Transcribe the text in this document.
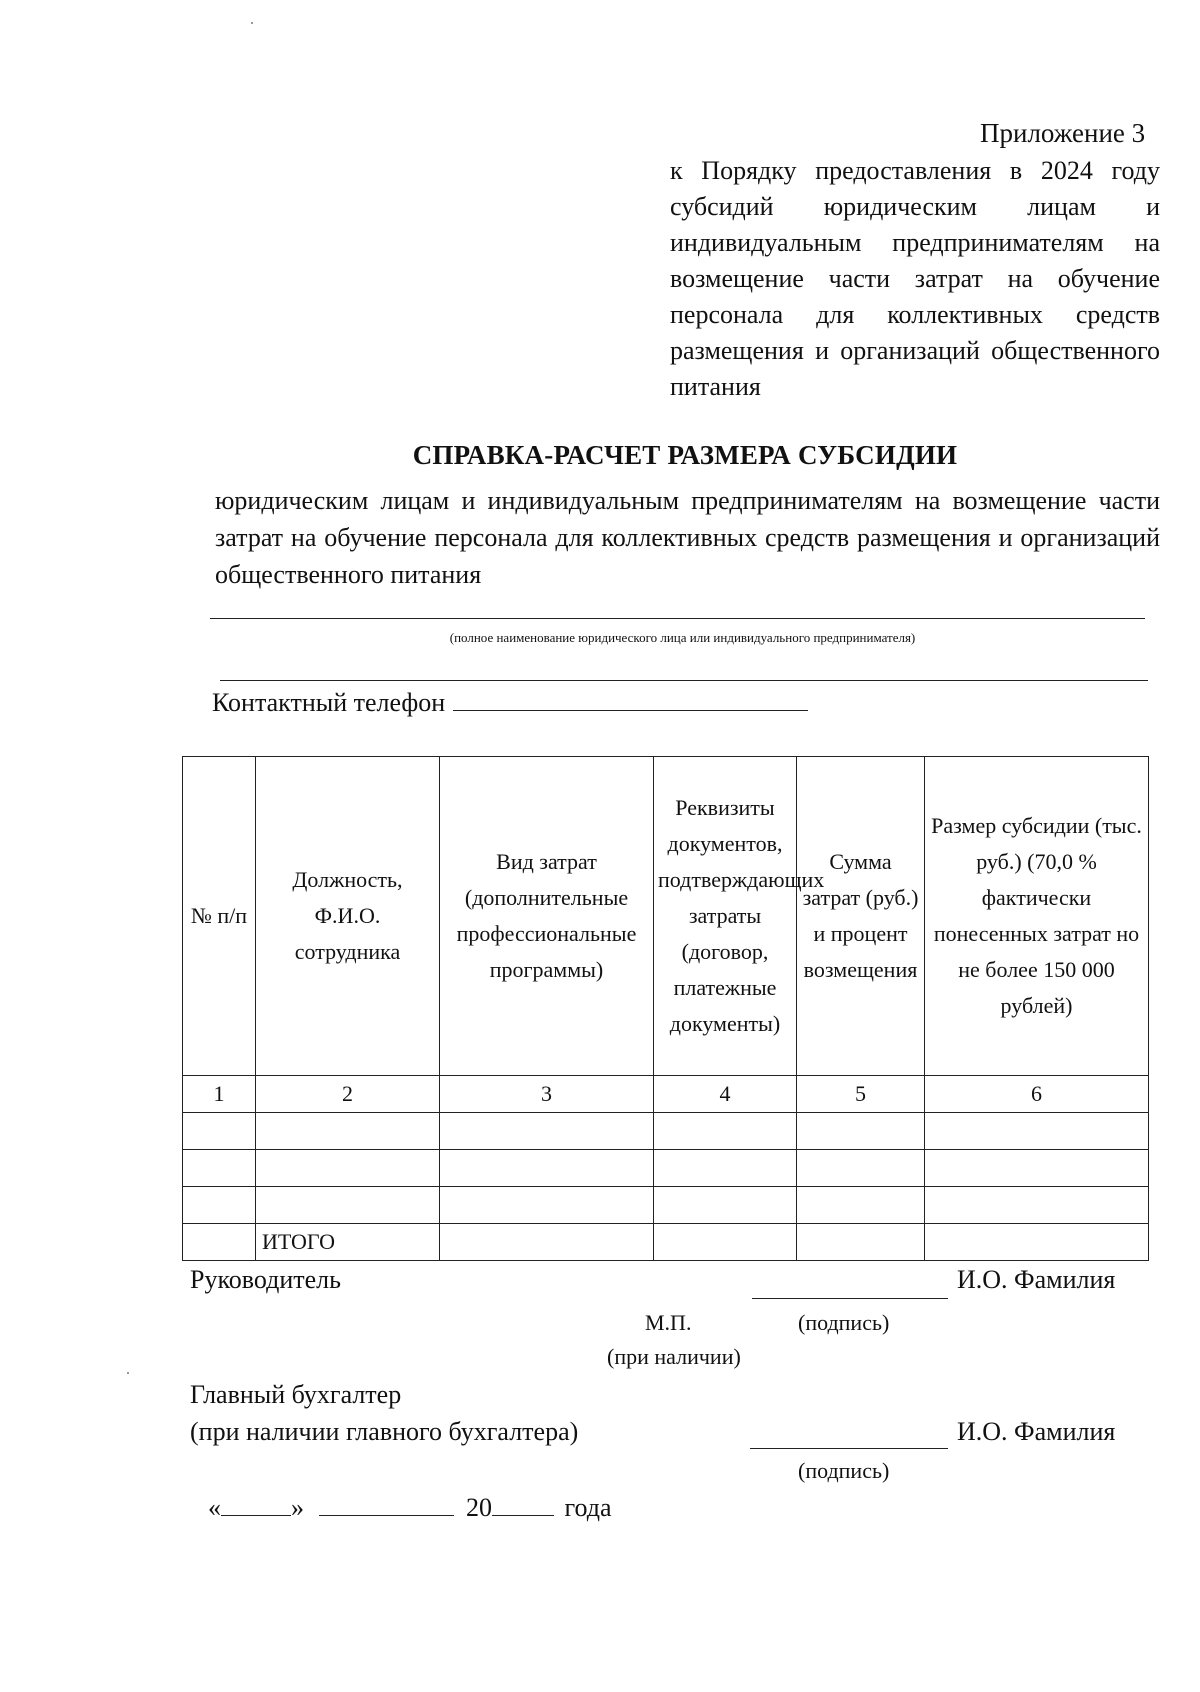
Приложение 3
к Порядку предоставления в 2024 году субсидий юридическим лицам и индивидуальным предпринимателям на возмещение части затрат на обучение персонала для коллективных средств размещения и организаций общественного питания
СПРАВКА-РАСЧЕТ РАЗМЕРА СУБСИДИИ
юридическим лицам и индивидуальным предпринимателям на возмещение части затрат на обучение персонала для коллективных средств размещения и организаций общественного питания
(полное наименование юридического лица или индивидуального предпринимателя)
Контактный телефон
№ п/п	Должность, Ф.И.О. сотрудника	Вид затрат (дополнительные профессиональные программы)	Реквизиты документов, подтверждающих затраты (договор, платежные документы)	Сумма затрат (руб.) и процент возмещения	Размер субсидии (тыс. руб.) (70,0 % фактически понесенных затрат но не более 150 000 рублей)
1	2	3	4	5	6

	ИТОГО				
Руководитель	И.О. Фамилия
М.П.	(подпись)
(при наличии)
Главный бухгалтер
(при наличии главного бухгалтера)	И.О. Фамилия
(подпись)
«	»	20	года
